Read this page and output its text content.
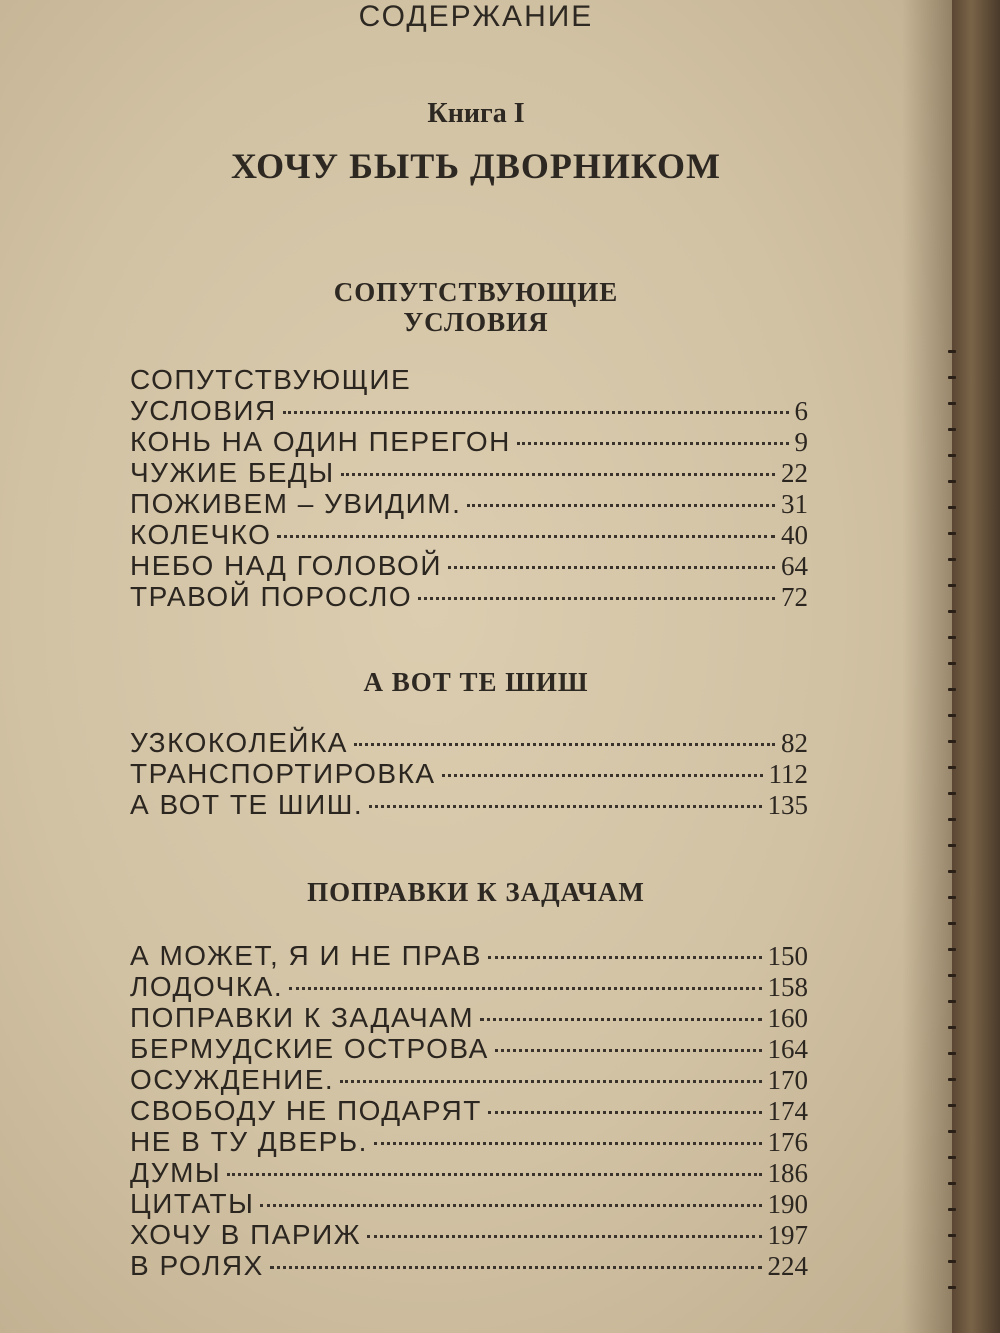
СОДЕРЖАНИЕ
Книга I
ХОЧУ БЫТЬ ДВОРНИКОМ
СОПУТСТВУЮЩИЕ
УСЛОВИЯ
СОПУТСТВУЮЩИЕ
УСЛОВИЯ	6
КОНЬ НА ОДИН ПЕРЕГОН	9
ЧУЖИЕ БЕДЫ	22
ПОЖИВЕМ – УВИДИМ.	31
КОЛЕЧКО	40
НЕБО НАД ГОЛОВОЙ	64
ТРАВОЙ ПОРОСЛО	72
А ВОТ ТЕ ШИШ
УЗКОКОЛЕЙКА	82
ТРАНСПОРТИРОВКА	112
А ВОТ ТЕ ШИШ.	135
ПОПРАВКИ К ЗАДАЧАМ
А МОЖЕТ, Я И НЕ ПРАВ	150
ЛОДОЧКА.	158
ПОПРАВКИ К ЗАДАЧАМ	160
БЕРМУДСКИЕ ОСТРОВА	164
ОСУЖДЕНИЕ.	170
СВОБОДУ НЕ ПОДАРЯТ	174
НЕ В ТУ ДВЕРЬ.	176
ДУМЫ	186
ЦИТАТЫ	190
ХОЧУ В ПАРИЖ	197
В РОЛЯХ	224
